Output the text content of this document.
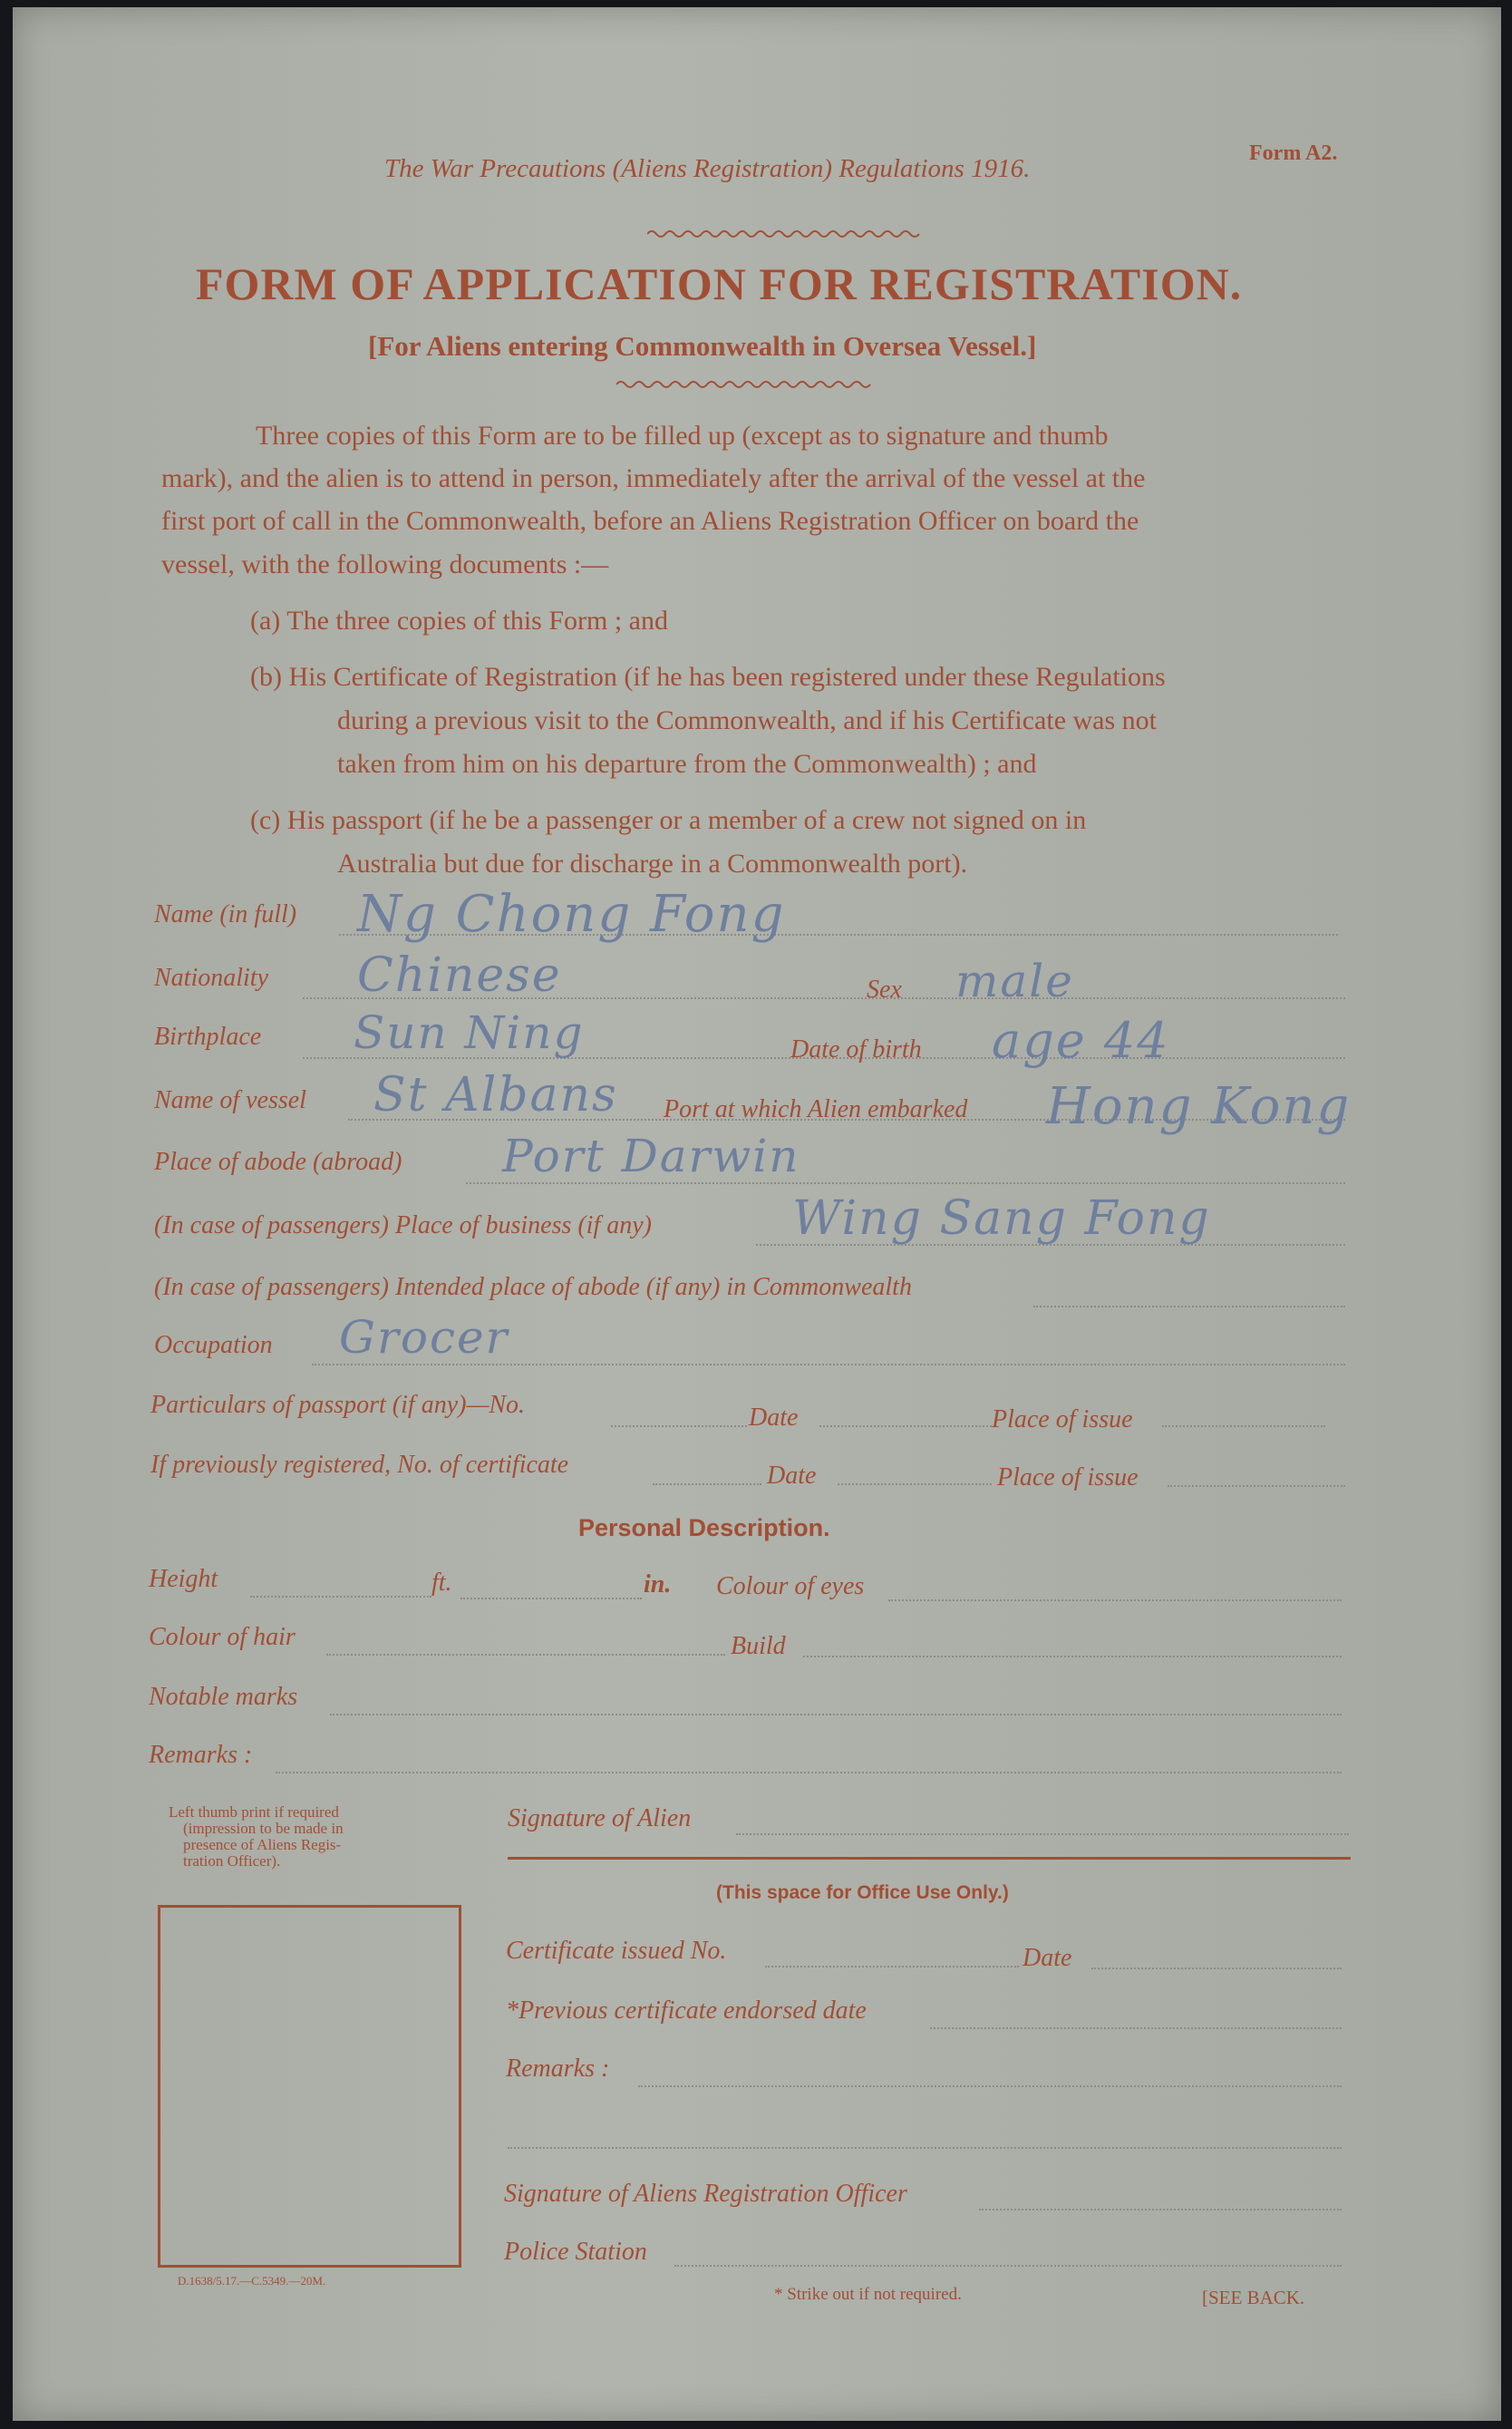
The War Precautions (Aliens Registration) Regulations 1916.
Form A2.
FORM OF APPLICATION FOR REGISTRATION.
[For Aliens entering Commonwealth in Oversea Vessel.]
Three copies of this Form are to be filled up (except as to signature and thumb
mark), and the alien is to attend in person, immediately after the arrival of the vessel at the
first port of call in the Commonwealth, before an Aliens Registration Officer on board the
vessel, with the following documents :—
(a) The three copies of this Form ; and
(b) His Certificate of Registration (if he has been registered under these Regulations
during a previous visit to the Commonwealth, and if his Certificate was not
taken from him on his departure from the Commonwealth) ; and
(c) His passport (if he be a passenger or a member of a crew not signed on in
Australia but due for discharge in a Commonwealth port).
Name (in full) Ng Chong Fong
Nationality Chinese	Sex male
Birthplace Sun Ning	Date of birth age 44
Name of vessel St Albans Port at which Alien embarked Hong Kong
Place of abode (abroad) Port Darwin
(In case of passengers) Place of business (if any)	Wing Sang Fong
(In case of passengers) Intended place of abode (if any) in Commonwealth
Occupation Grocer
Particulars of passport (if any)—No.	Date	Place of issue
If previously registered, No. of certificate	Date	Place of issue
Personal Description.
Height	ft.	in. Colour of eyes
Colour of hair	Build
Notable marks
Remarks :
Left thumb print if required
(impression to be made in
presence of Aliens Regis-
tration Officer).
D.1638/5.17.—C.5349.—20M.
Signature of Alien
(This space for Office Use Only.)
Certificate issued No.	Date
*Previous certificate endorsed date
Remarks :
Signature of Aliens Registration Officer
Police Station
* Strike out if not required.	[SEE BACK.
